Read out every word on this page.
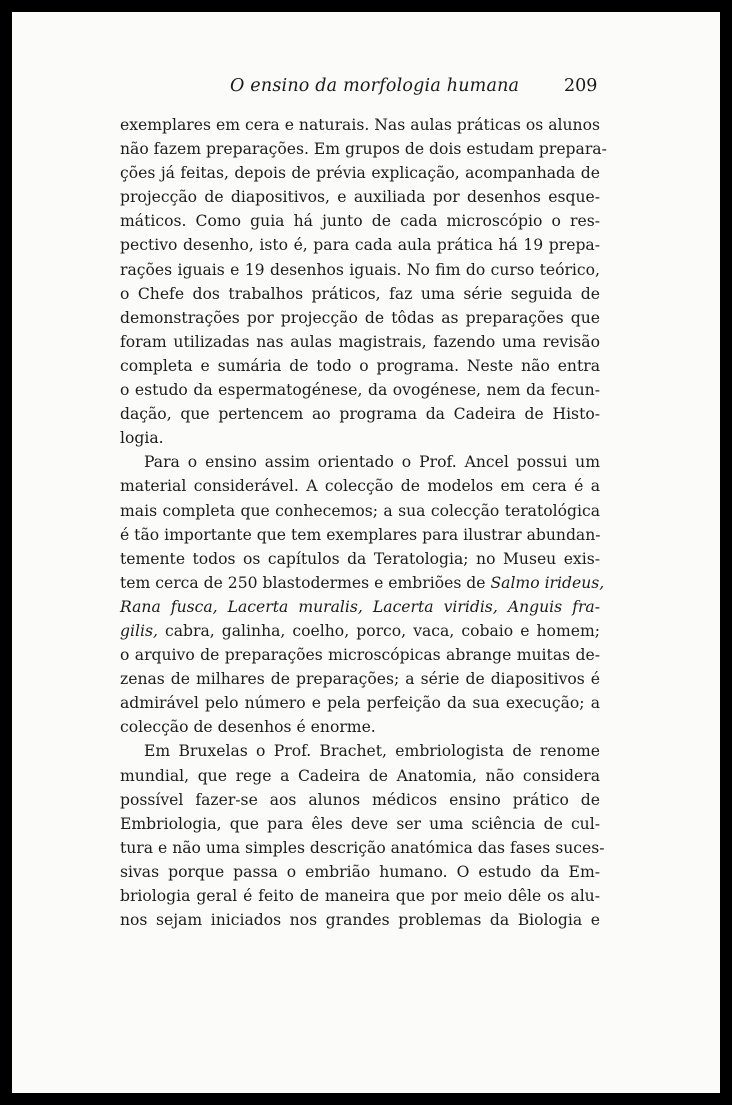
O ensino da morfologia humana	209
exemplares em cera e naturais. Nas aulas práticas os alunos
não fazem preparações. Em grupos de dois estudam prepara-
ções já feitas, depois de prévia explicação, acompanhada de
projecção de diapositivos, e auxiliada por desenhos esque-
máticos. Como guia há junto de cada microscópio o res-
pectivo desenho, isto é, para cada aula prática há 19 prepa-
rações iguais e 19 desenhos iguais. No fim do curso teórico,
o Chefe dos trabalhos práticos, faz uma série seguida de
demonstrações por projecção de tôdas as preparações que
foram utilizadas nas aulas magistrais, fazendo uma revisão
completa e sumária de todo o programa. Neste não entra
o estudo da espermatogénese, da ovogénese, nem da fecun-
dação, que pertencem ao programa da Cadeira de Histo-
logia.
Para o ensino assim orientado o Prof. Ancel possui um
material considerável. A colecção de modelos em cera é a
mais completa que conhecemos; a sua colecção teratológica
é tão importante que tem exemplares para ilustrar abundan-
temente todos os capítulos da Teratologia; no Museu exis-
tem cerca de 250 blastodermes e embriões de Salmo irideus,
Rana fusca, Lacerta muralis, Lacerta viridis, Anguis fra-
gilis, cabra, galinha, coelho, porco, vaca, cobaio e homem;
o arquivo de preparações microscópicas abrange muitas de-
zenas de milhares de preparações; a série de diapositivos é
admirável pelo número e pela perfeição da sua execução; a
colecção de desenhos é enorme.
Em Bruxelas o Prof. Brachet, embriologista de renome
mundial, que rege a Cadeira de Anatomia, não considera
possível fazer-se aos alunos médicos ensino prático de
Embriologia, que para êles deve ser uma sciência de cul-
tura e não uma simples descrição anatómica das fases suces-
sivas porque passa o embrião humano. O estudo da Em-
briologia geral é feito de maneira que por meio dêle os alu-
nos sejam iniciados nos grandes problemas da Biologia e
